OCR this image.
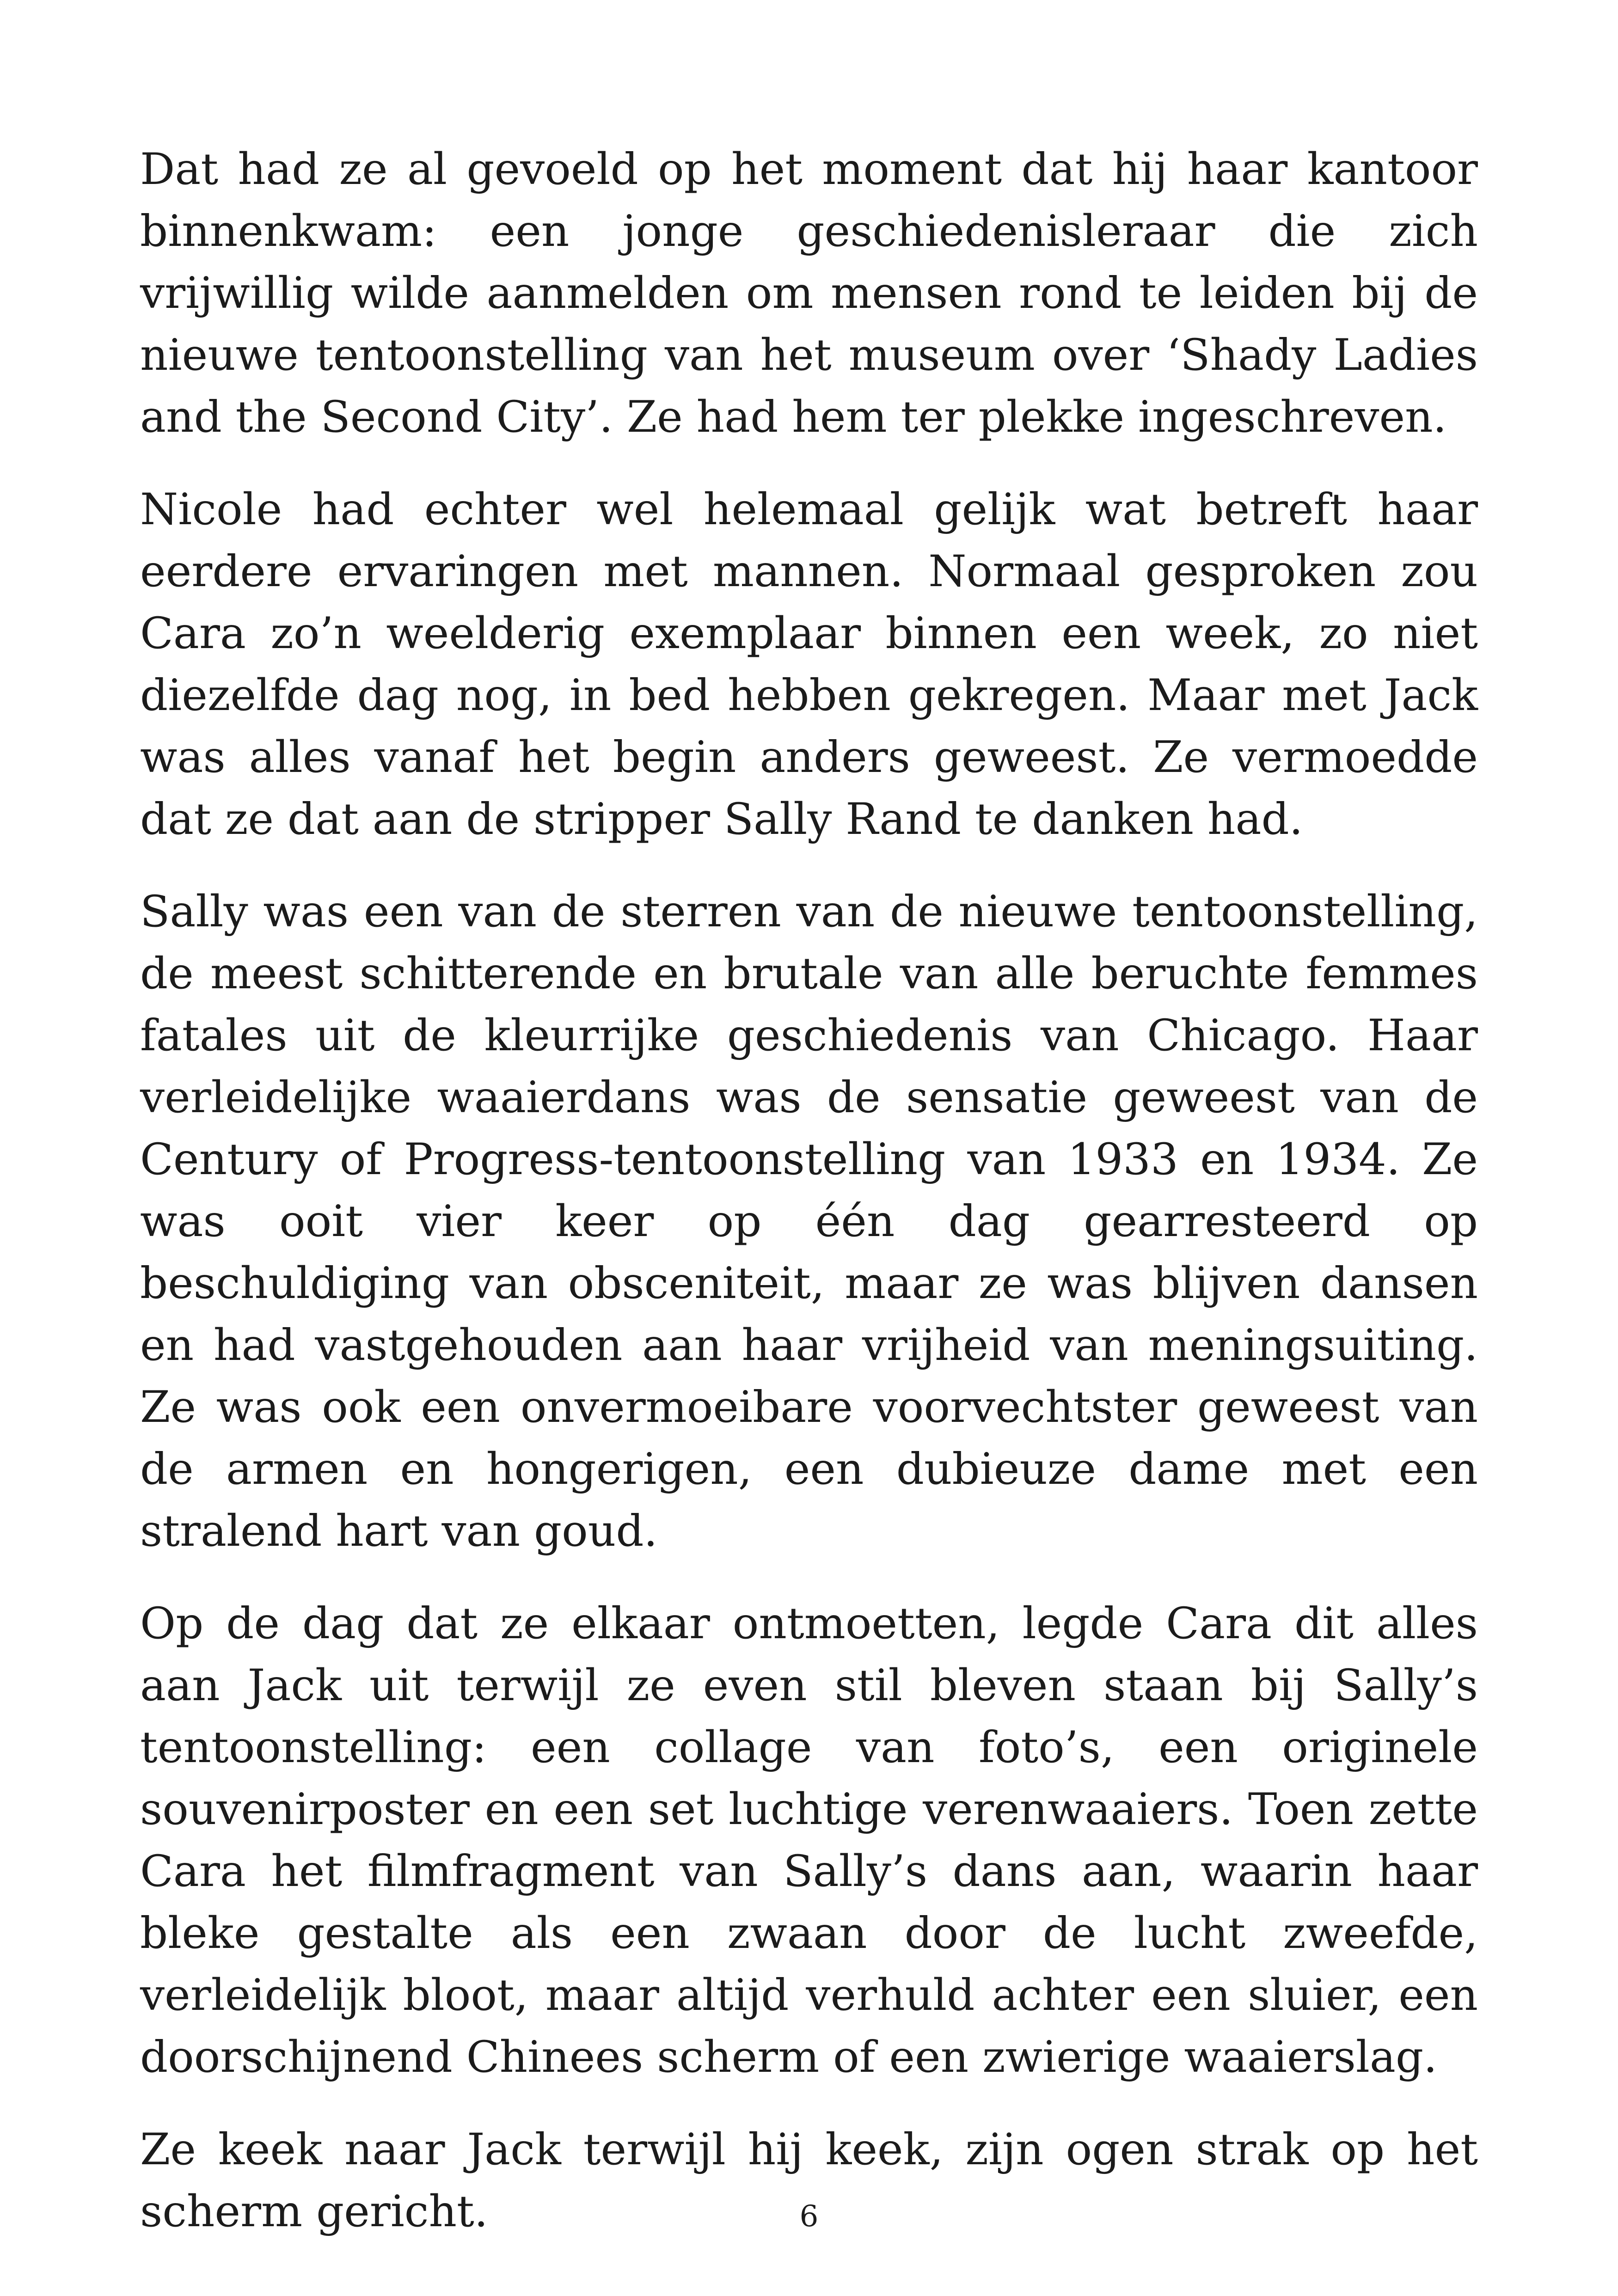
Dat had ze al gevoeld op het moment dat hij haar kantoor binnenkwam: een jonge geschiedenisleraar die zich vrijwillig wilde aanmelden om mensen rond te leiden bij de nieuwe tentoonstelling van het museum over ‘Shady Ladies and the Second City’. Ze had hem ter plekke ingeschreven.

Nicole had echter wel helemaal gelijk wat betreft haar eerdere ervaringen met mannen. Normaal gesproken zou Cara zo’n weelderig exemplaar binnen een week, zo niet diezelfde dag nog, in bed hebben gekregen. Maar met Jack was alles vanaf het begin anders geweest. Ze vermoedde dat ze dat aan de stripper Sally Rand te danken had.

Sally was een van de sterren van de nieuwe tentoonstelling, de meest schitterende en brutale van alle beruchte femmes fatales uit de kleurrijke geschiedenis van Chicago. Haar verleidelijke waaierdans was de sensatie geweest van de Century of Progress-tentoonstelling van 1933 en 1934. Ze was ooit vier keer op één dag gearresteerd op beschuldiging van obsceniteit, maar ze was blijven dansen en had vastgehouden aan haar vrijheid van meningsuiting. Ze was ook een onvermoeibare voorvechtster geweest van de armen en hongerigen, een dubieuze dame met een stralend hart van goud.

Op de dag dat ze elkaar ontmoetten, legde Cara dit alles aan Jack uit terwijl ze even stil bleven staan bij Sally’s tentoonstelling: een collage van foto’s, een originele souvenirposter en een set luchtige verenwaaiers. Toen zette Cara het filmfragment van Sally’s dans aan, waarin haar bleke gestalte als een zwaan door de lucht zweefde, verleidelijk bloot, maar altijd verhuld achter een sluier, een doorschijnend Chinees scherm of een zwierige waaierslag.

Ze keek naar Jack terwijl hij keek, zijn ogen strak op het scherm gericht.	6
